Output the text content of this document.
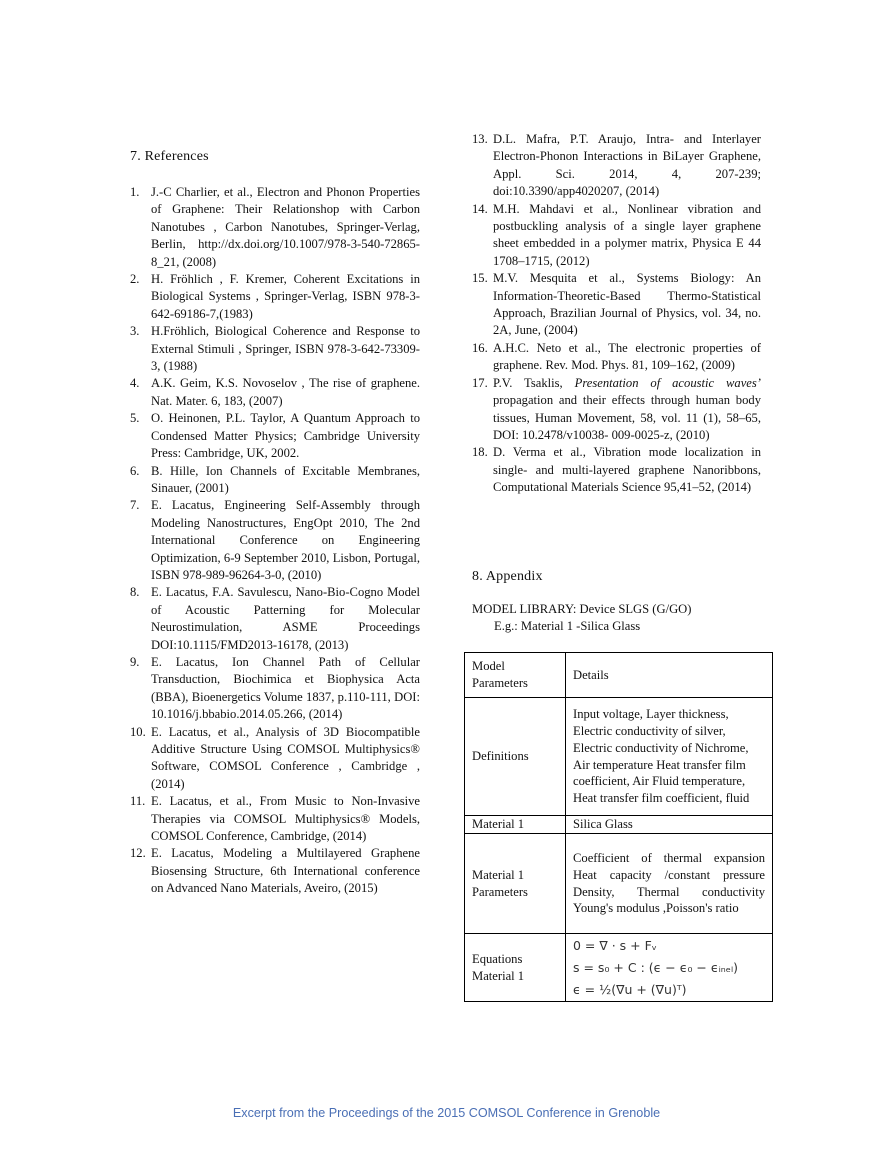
7. References
1. J.-C Charlier, et al., Electron and Phonon Properties of Graphene: Their Relationshop with Carbon Nanotubes , Carbon Nanotubes, Springer-Verlag, Berlin, http://dx.doi.org/10.1007/978-3-540-72865-8_21, (2008)
2. H. Fröhlich , F. Kremer, Coherent Excitations in Biological Systems , Springer-Verlag, ISBN 978-3-642-69186-7,(1983)
3. H.Fröhlich, Biological Coherence and Response to External Stimuli , Springer, ISBN 978-3-642-73309-3, (1988)
4. A.K. Geim, K.S. Novoselov , The rise of graphene. Nat. Mater. 6, 183, (2007)
5. O. Heinonen, P.L. Taylor, A Quantum Approach to Condensed Matter Physics; Cambridge University Press: Cambridge, UK, 2002.
6. B. Hille, Ion Channels of Excitable Membranes, Sinauer, (2001)
7. E. Lacatus, Engineering Self-Assembly through Modeling Nanostructures, EngOpt 2010, The 2nd International Conference on Engineering Optimization, 6-9 September 2010, Lisbon, Portugal, ISBN 978-989-96264-3-0, (2010)
8. E. Lacatus, F.A. Savulescu, Nano-Bio-Cogno Model of Acoustic Patterning for Molecular Neurostimulation, ASME Proceedings DOI:10.1115/FMD2013-16178, (2013)
9. E. Lacatus, Ion Channel Path of Cellular Transduction, Biochimica et Biophysica Acta (BBA), Bioenergetics Volume 1837, p.110-111, DOI: 10.1016/j.bbabio.2014.05.266, (2014)
10. E. Lacatus, et al., Analysis of 3D Biocompatible Additive Structure Using COMSOL Multiphysics® Software, COMSOL Conference , Cambridge , (2014)
11. E. Lacatus, et al., From Music to Non-Invasive Therapies via COMSOL Multiphysics® Models, COMSOL Conference, Cambridge, (2014)
12. E. Lacatus, Modeling a Multilayered Graphene Biosensing Structure, 6th International conference on Advanced Nano Materials, Aveiro, (2015)
13. D.L. Mafra, P.T. Araujo, Intra- and Interlayer Electron-Phonon Interactions in BiLayer Graphene, Appl. Sci. 2014, 4, 207-239; doi:10.3390/app4020207, (2014)
14. M.H. Mahdavi et al., Nonlinear vibration and postbuckling analysis of a single layer graphene sheet embedded in a polymer matrix, Physica E 44 1708–1715, (2012)
15. M.V. Mesquita et al., Systems Biology: An Information-Theoretic-Based Thermo-Statistical Approach, Brazilian Journal of Physics, vol. 34, no. 2A, June, (2004)
16. A.H.C. Neto et al., The electronic properties of graphene. Rev. Mod. Phys. 81, 109–162, (2009)
17. P.V. Tsaklis, Presentation of acoustic waves’ propagation and their effects through human body tissues, Human Movement, 58, vol. 11 (1), 58–65, DOI: 10.2478/v10038- 009-0025-z, (2010)
18. D. Verma et al., Vibration mode localization in single- and multi-layered graphene Nanoribbons, Computational Materials Science 95,41–52, (2014)
8. Appendix
MODEL LIBRARY: Device SLGS (G/GO)
E.g.: Material 1 -Silica Glass
Model Parameters	Details
Definitions	Input voltage, Layer thickness, Electric conductivity of silver, Electric conductivity of Nichrome, Air temperature Heat transfer film coefficient, Air Fluid temperature, Heat transfer film coefficient, fluid
Material 1	Silica Glass
Material 1 Parameters	Coefficient of thermal expansion Heat capacity /constant pressure Density, Thermal conductivity Young's modulus ,Poisson's ratio
Equations Material 1	0 = ∇ · s + Fᵥ
s = s₀ + C : (ϵ − ϵ₀ − ϵᵢₙₑₗ)
ϵ = ½(∇u + (∇u)ᵀ)
Excerpt from the Proceedings of the 2015 COMSOL Conference in Grenoble
